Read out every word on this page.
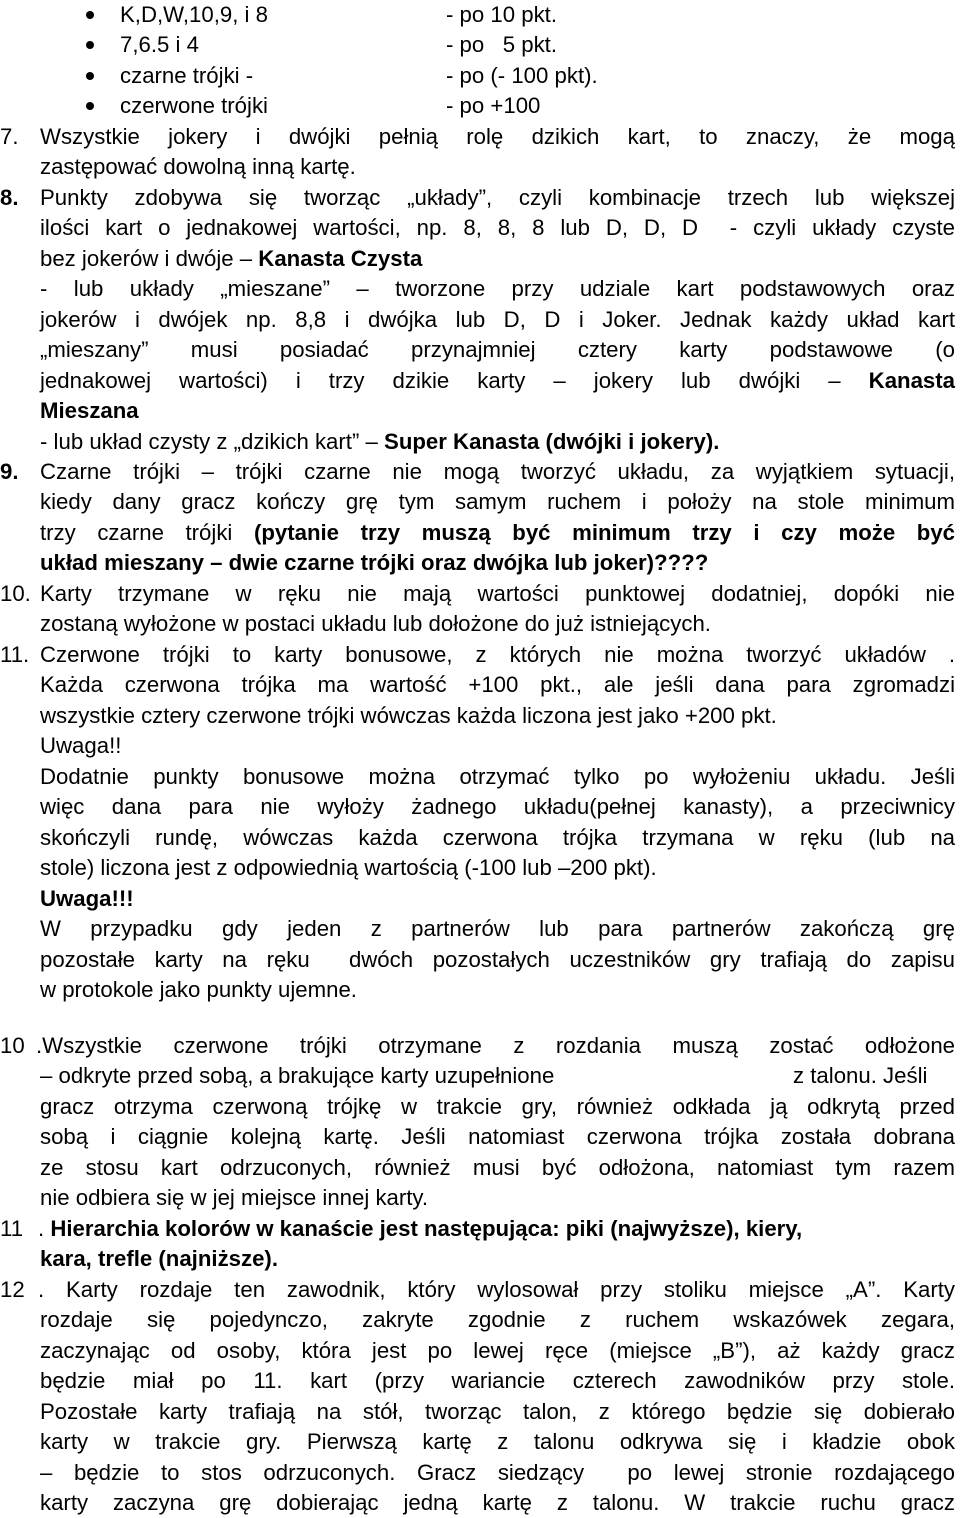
K,D,W,10,9, i 8	- po 10 pkt.
7,6.5 i 4	- po   5 pkt.
czarne trójki -	- po (- 100 pkt).
czerwone trójki	- po +100
7. Wszystkie jokery i dwójki pełnią rolę dzikich kart, to znaczy, że mogą
zastępować dowolną inną kartę.
8. Punkty zdobywa się tworząc „układy”, czyli kombinacje trzech lub większej
ilości kart o jednakowej wartości, np. 8, 8, 8 lub D, D, D  - czyli układy czyste
bez jokerów i dwóje – Kanasta Czysta
- lub układy „mieszane” – tworzone przy udziale kart podstawowych oraz
jokerów i dwójek np. 8,8 i dwójka lub D, D i Joker. Jednak każdy układ kart
„mieszany” musi posiadać przynajmniej cztery karty podstawowe (o
jednakowej wartości) i trzy dzikie karty – jokery lub dwójki – Kanasta
Mieszana
- lub układ czysty z „dzikich kart” – Super Kanasta (dwójki i jokery).
9. Czarne trójki – trójki czarne nie mogą tworzyć układu, za wyjątkiem sytuacji,
kiedy dany gracz kończy grę tym samym ruchem i położy na stole minimum
trzy czarne trójki (pytanie trzy muszą być minimum trzy i czy może być
układ mieszany – dwie czarne trójki oraz dwójka lub joker)????
10. Karty trzymane w ręku nie mają wartości punktowej dodatniej, dopóki nie
zostaną wyłożone w postaci układu lub dołożone do już istniejących.
11. Czerwone trójki to karty bonusowe, z których nie można tworzyć układów .
Każda czerwona trójka ma wartość +100 pkt., ale jeśli dana para zgromadzi
wszystkie cztery czerwone trójki wówczas każda liczona jest jako +200 pkt.
Uwaga!!
Dodatnie punkty bonusowe można otrzymać tylko po wyłożeniu układu. Jeśli
więc dana para nie wyłoży żadnego układu(pełnej kanasty), a przeciwnicy
skończyli rundę, wówczas każda czerwona trójka trzymana w ręku (lub na
stole) liczona jest z odpowiednią wartością (-100 lub –200 pkt).
Uwaga!!!
W przypadku gdy jeden z partnerów lub para partnerów zakończą grę
pozostałe karty na ręku  dwóch pozostałych uczestników gry trafiają do zapisu
w protokole jako punkty ujemne.
10 .Wszystkie czerwone trójki otrzymane z rozdania muszą zostać odłożone
– odkryte przed sobą, a brakujące karty uzupełnione	z talonu. Jeśli
gracz otrzyma czerwoną trójkę w trakcie gry, również odkłada ją odkrytą przed
sobą i ciągnie kolejną kartę. Jeśli natomiast czerwona trójka została dobrana
ze stosu kart odrzuconych, również musi być odłożona, natomiast tym razem
nie odbiera się w jej miejsce innej karty.
11 . Hierarchia kolorów w kanaście jest następująca: piki (najwyższe), kiery,
kara, trefle (najniższe).
12 . Karty rozdaje ten zawodnik, który wylosował przy stoliku miejsce „A”. Karty
rozdaje się pojedynczo, zakryte zgodnie z ruchem wskazówek zegara,
zaczynając od osoby, która jest po lewej ręce (miejsce „B”), aż każdy gracz
będzie miał po 11. kart (przy wariancie czterech zawodników przy stole.
Pozostałe karty trafiają na stół, tworząc talon, z którego będzie się dobierało
karty w trakcie gry. Pierwszą kartę z talonu odkrywa się i kładzie obok
– będzie to stos odrzuconych. Gracz siedzący  po lewej stronie rozdającego
karty zaczyna grę dobierając jedną kartę z talonu. W trakcie ruchu gracz
